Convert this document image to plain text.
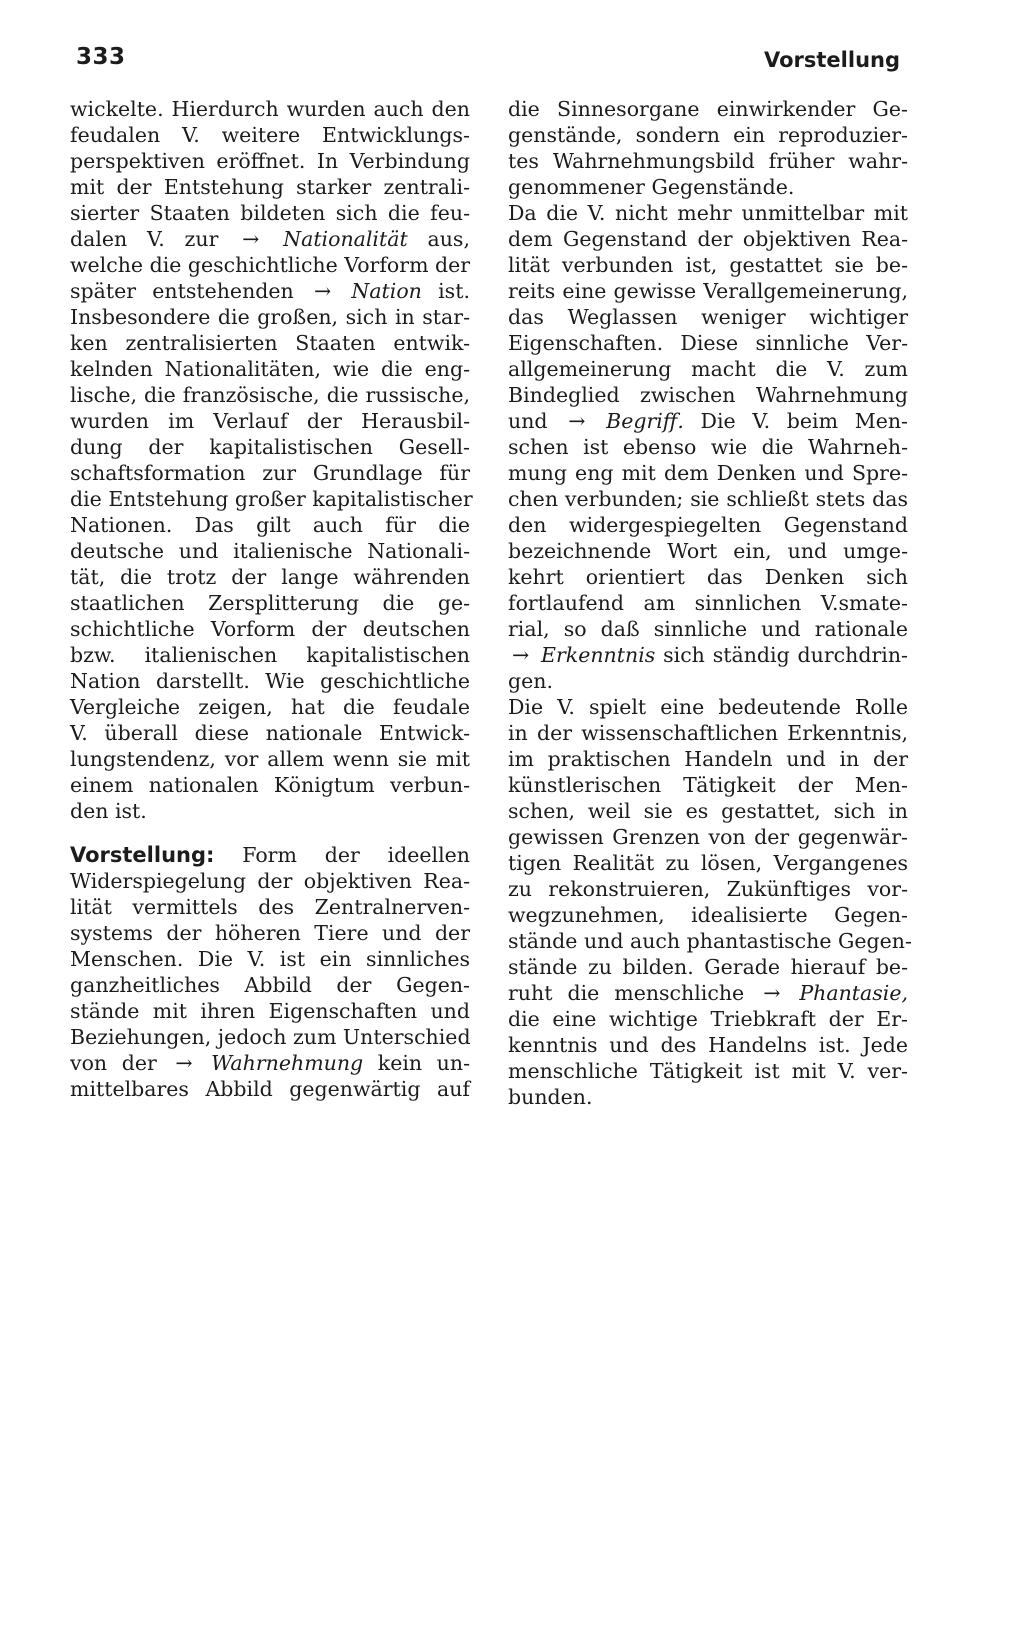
333	Vorstellung
wickelte. Hierdurch wurden auch den
feudalen V. weitere Entwicklungs-
perspektiven eröffnet. In Verbindung
mit der Entstehung starker zentrali-
sierter Staaten bildeten sich die feu-
dalen V. zur → Nationalität aus,
welche die geschichtliche Vorform der
später entstehenden → Nation ist.
Insbesondere die großen, sich in star-
ken zentralisierten Staaten entwik-
kelnden Nationalitäten, wie die eng-
lische, die französische, die russische,
wurden im Verlauf der Herausbil-
dung der kapitalistischen Gesell-
schaftsformation zur Grundlage für
die Entstehung großer kapitalistischer
Nationen. Das gilt auch für die
deutsche und italienische Nationali-
tät, die trotz der lange währenden
staatlichen Zersplitterung die ge-
schichtliche Vorform der deutschen
bzw. italienischen kapitalistischen
Nation darstellt. Wie geschichtliche
Vergleiche zeigen, hat die feudale
V. überall diese nationale Entwick-
lungstendenz, vor allem wenn sie mit
einem nationalen Königtum verbun-
den ist.
Vorstellung: Form der ideellen
Widerspiegelung der objektiven Rea-
lität vermittels des Zentralnerven-
systems der höheren Tiere und der
Menschen. Die V. ist ein sinnliches
ganzheitliches Abbild der Gegen-
stände mit ihren Eigenschaften und
Beziehungen, jedoch zum Unterschied
von der → Wahrnehmung kein un-
mittelbares Abbild gegenwärtig auf
die Sinnesorgane einwirkender Ge-
genstände, sondern ein reproduzier-
tes Wahrnehmungsbild früher wahr-
genommener Gegenstände.
Da die V. nicht mehr unmittelbar mit
dem Gegenstand der objektiven Rea-
lität verbunden ist, gestattet sie be-
reits eine gewisse Verallgemeinerung,
das Weglassen weniger wichtiger
Eigenschaften. Diese sinnliche Ver-
allgemeinerung macht die V. zum
Bindeglied zwischen Wahrnehmung
und → Begriff. Die V. beim Men-
schen ist ebenso wie die Wahrneh-
mung eng mit dem Denken und Spre-
chen verbunden; sie schließt stets das
den widergespiegelten Gegenstand
bezeichnende Wort ein, und umge-
kehrt orientiert das Denken sich
fortlaufend am sinnlichen V.smate-
rial, so daß sinnliche und rationale
→ Erkenntnis sich ständig durchdrin-
gen.
Die V. spielt eine bedeutende Rolle
in der wissenschaftlichen Erkenntnis,
im praktischen Handeln und in der
künstlerischen Tätigkeit der Men-
schen, weil sie es gestattet, sich in
gewissen Grenzen von der gegenwär-
tigen Realität zu lösen, Vergangenes
zu rekonstruieren, Zukünftiges vor-
wegzunehmen, idealisierte Gegen-
stände und auch phantastische Gegen-
stände zu bilden. Gerade hierauf be-
ruht die menschliche → Phantasie,
die eine wichtige Triebkraft der Er-
kenntnis und des Handelns ist. Jede
menschliche Tätigkeit ist mit V. ver-
bunden.
